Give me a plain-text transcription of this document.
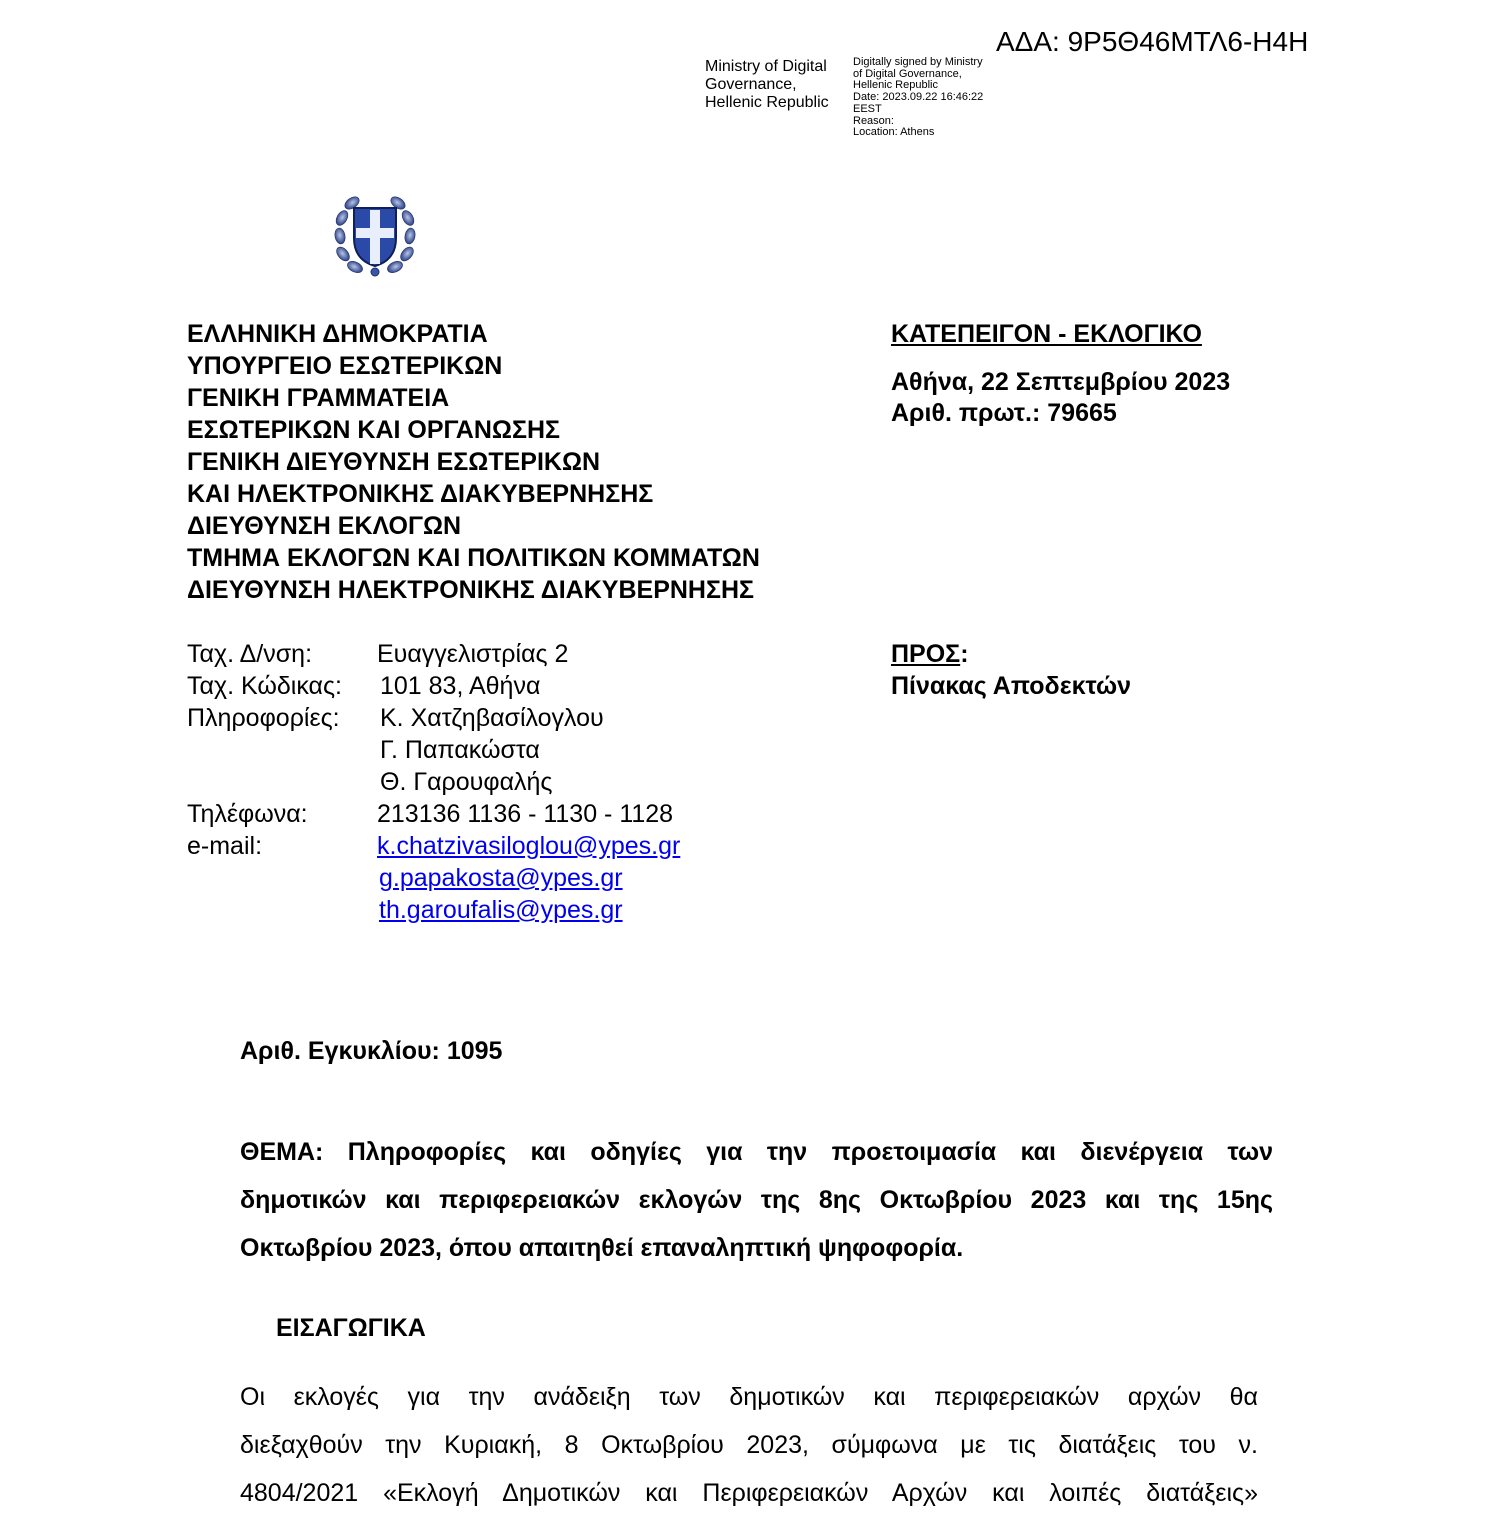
ΑΔΑ: 9Ρ5Θ46ΜΤΛ6-Η4Η
Ministry of Digital
Governance,
Hellenic Republic
Digitally signed by Ministry
of Digital Governance,
Hellenic Republic
Date: 2023.09.22 16:46:22
EEST
Reason:
Location: Athens
ΕΛΛΗΝΙΚΗ ΔΗΜΟΚΡΑΤΙΑ
ΥΠΟΥΡΓΕΙΟ ΕΣΩΤΕΡΙΚΩΝ
ΓΕΝΙΚΗ ΓΡΑΜΜΑΤΕΙΑ
ΕΣΩΤΕΡΙΚΩΝ ΚΑΙ ΟΡΓΑΝΩΣΗΣ
ΓΕΝΙΚΗ ΔΙΕΥΘΥΝΣΗ ΕΣΩΤΕΡΙΚΩΝ
ΚΑΙ ΗΛΕΚΤΡΟΝΙΚΗΣ ΔΙΑΚΥΒΕΡΝΗΣΗΣ
ΔΙΕΥΘΥΝΣΗ ΕΚΛΟΓΩΝ
ΤΜΗΜΑ ΕΚΛΟΓΩΝ ΚΑΙ ΠΟΛΙΤΙΚΩΝ ΚΟΜΜΑΤΩΝ
ΔΙΕΥΘΥΝΣΗ ΗΛΕΚΤΡΟΝΙΚΗΣ ΔΙΑΚΥΒΕΡΝΗΣΗΣ
ΚΑΤΕΠΕΙΓΟΝ - ΕΚΛΟΓΙΚΟ
Αθήνα, 22 Σεπτεμβρίου 2023
Αριθ. πρωτ.: 79665
Ταχ. Δ/νση:	Ευαγγελιστρίας 2
Ταχ. Κώδικας: 101 83, Αθήνα
Πληροφορίες: Κ. Χατζηβασίλογλου
Γ. Παπακώστα
Θ. Γαρουφαλής
Τηλέφωνα:	213136 1136 - 1130 - 1128
e-mail:	k.chatzivasiloglou@ypes.gr
g.papakosta@ypes.gr
th.garoufalis@ypes.gr
ΠΡΟΣ:
Πίνακας Αποδεκτών
Αριθ. Εγκυκλίου: 1095
ΘΕΜΑ: Πληροφορίες και οδηγίες για την προετοιμασία και διενέργεια των
δημοτικών και περιφερειακών εκλογών της 8ης Οκτωβρίου 2023 και της 15ης
Οκτωβρίου 2023, όπου απαιτηθεί επαναληπτική ψηφοφορία.
ΕΙΣΑΓΩΓΙΚΑ
Οι εκλογές για την ανάδειξη των δημοτικών και περιφερειακών αρχών θα
διεξαχθούν την Κυριακή, 8 Οκτωβρίου 2023, σύμφωνα με τις διατάξεις του ν.
4804/2021 «Εκλογή Δημοτικών και Περιφερειακών Αρχών και λοιπές διατάξεις»
